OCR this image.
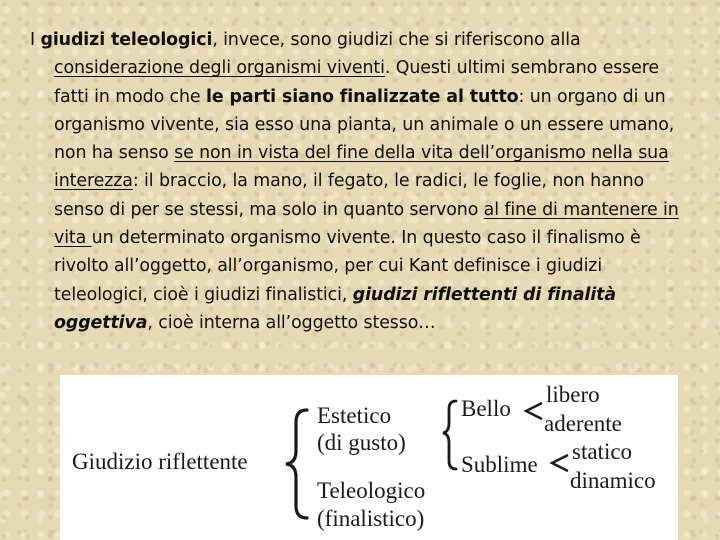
I giudizi teleologici, invece, sono giudizi che si riferiscono alla considerazione degli organismi viventi. Questi ultimi sembrano essere fatti in modo che le parti siano finalizzate al tutto: un organo di un organismo vivente, sia esso una pianta, un animale o un essere umano, non ha senso se non in vista del fine della vita dell’organismo nella sua interezza: il braccio, la mano, il fegato, le radici, le foglie, non hanno senso di per se stessi, ma solo in quanto servono al fine di mantenere in vita un determinato organismo vivente. In questo caso il finalismo è rivolto all’oggetto, all’organismo, per cui Kant definisce i giudizi teleologici, cioè i giudizi finalistici, giudizi riflettenti di finalità oggettiva, cioè interna all’oggetto stesso…

Giudizio riflettente
Estetico
(di gusto)
Teleologico
(finalistico)
Bello
Sublime
libero
aderente
statico
dinamico
